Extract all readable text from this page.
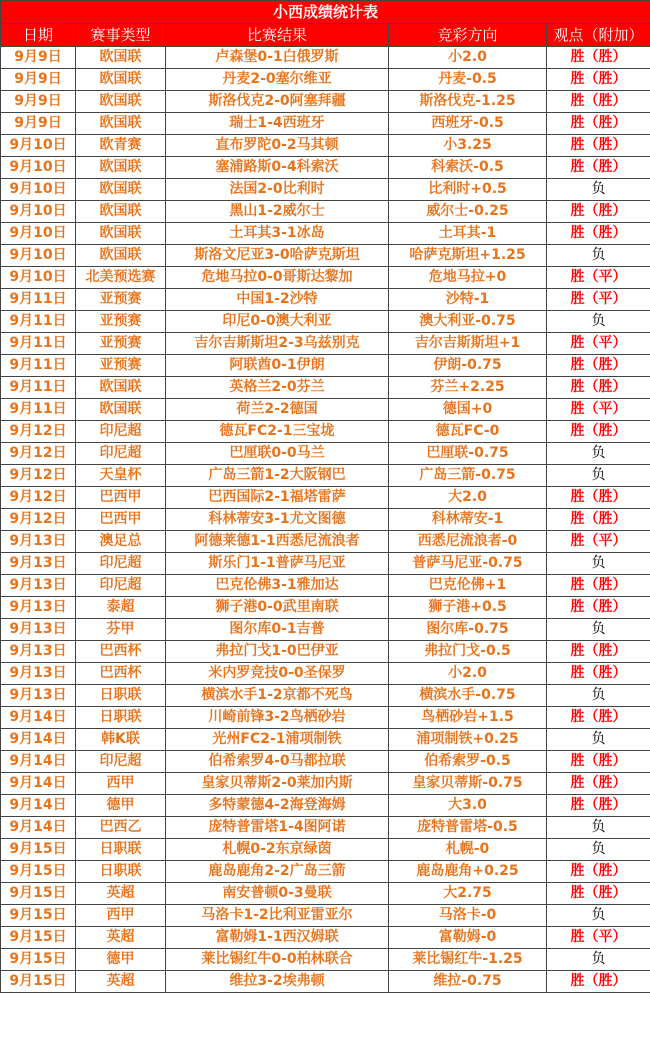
小西成绩统计表				
日期	赛事类型	比赛结果	竞彩方向	观点（附加）
9月9日	欧国联	卢森堡0-1白俄罗斯	小2.0	胜（胜）
9月9日	欧国联	丹麦2-0塞尔维亚	丹麦-0.5	胜（胜）
9月9日	欧国联	斯洛伐克2-0阿塞拜疆	斯洛伐克-1.25	胜（胜）
9月9日	欧国联	瑞士1-4西班牙	西班牙-0.5	胜（胜）
9月10日	欧青赛	直布罗陀0-2马其顿	小3.25	胜（胜）
9月10日	欧国联	塞浦路斯0-4科索沃	科索沃-0.5	胜（胜）
9月10日	欧国联	法国2-0比利时	比利时+0.5	负
9月10日	欧国联	黑山1-2威尔士	威尔士-0.25	胜（胜）
9月10日	欧国联	土耳其3-1冰岛	土耳其-1	胜（胜）
9月10日	欧国联	斯洛文尼亚3-0哈萨克斯坦	哈萨克斯坦+1.25	负
9月10日	北美预选赛	危地马拉0-0哥斯达黎加	危地马拉+0	胜（平）
9月11日	亚预赛	中国1-2沙特	沙特-1	胜（平）
9月11日	亚预赛	印尼0-0澳大利亚	澳大利亚-0.75	负
9月11日	亚预赛	吉尔吉斯斯坦2-3乌兹别克	吉尔吉斯斯坦+1	胜（平）
9月11日	亚预赛	阿联酋0-1伊朗	伊朗-0.75	胜（胜）
9月11日	欧国联	英格兰2-0芬兰	芬兰+2.25	胜（胜）
9月11日	欧国联	荷兰2-2德国	德国+0	胜（平）
9月12日	印尼超	德瓦FC2-1三宝垅	德瓦FC-0	胜（胜）
9月12日	印尼超	巴厘联0-0马兰	巴厘联-0.75	负
9月12日	天皇杯	广岛三箭1-2大阪钢巴	广岛三箭-0.75	负
9月12日	巴西甲	巴西国际2-1福塔雷萨	大2.0	胜（胜）
9月12日	巴西甲	科林蒂安3-1尤文图德	科林蒂安-1	胜（胜）
9月13日	澳足总	阿德莱德1-1西悉尼流浪者	西悉尼流浪者-0	胜（平）
9月13日	印尼超	斯乐门1-1普萨马尼亚	普萨马尼亚-0.75	负
9月13日	印尼超	巴克伦佛3-1雅加达	巴克伦佛+1	胜（胜）
9月13日	泰超	狮子港0-0武里南联	狮子港+0.5	胜（胜）
9月13日	芬甲	图尔库0-1吉普	图尔库-0.75	负
9月13日	巴西杯	弗拉门戈1-0巴伊亚	弗拉门戈-0.5	胜（胜）
9月13日	巴西杯	米内罗竞技0-0圣保罗	小2.0	胜（胜）
9月13日	日职联	横滨水手1-2京都不死鸟	横滨水手-0.75	负
9月14日	日职联	川崎前锋3-2鸟栖砂岩	鸟栖砂岩+1.5	胜（胜）
9月14日	韩K联	光州FC2-1浦项制铁	浦项制铁+0.25	负
9月14日	印尼超	伯希索罗4-0马都拉联	伯希索罗-0.5	胜（胜）
9月14日	西甲	皇家贝蒂斯2-0莱加内斯	皇家贝蒂斯-0.75	胜（胜）
9月14日	德甲	多特蒙德4-2海登海姆	大3.0	胜（胜）
9月14日	巴西乙	庞特普雷塔1-4图阿诺	庞特普雷塔-0.5	负
9月15日	日职联	札幌0-2东京绿茵	札幌-0	负
9月15日	日职联	鹿岛鹿角2-2广岛三箭	鹿岛鹿角+0.25	胜（胜）
9月15日	英超	南安普顿0-3曼联	大2.75	胜（胜）
9月15日	西甲	马洛卡1-2比利亚雷亚尔	马洛卡-0	负
9月15日	英超	富勒姆1-1西汉姆联	富勒姆-0	胜（平）
9月15日	德甲	莱比锡红牛0-0柏林联合	莱比锡红牛-1.25	负
9月15日	英超	维拉3-2埃弗顿	维拉-0.75	胜（胜）
